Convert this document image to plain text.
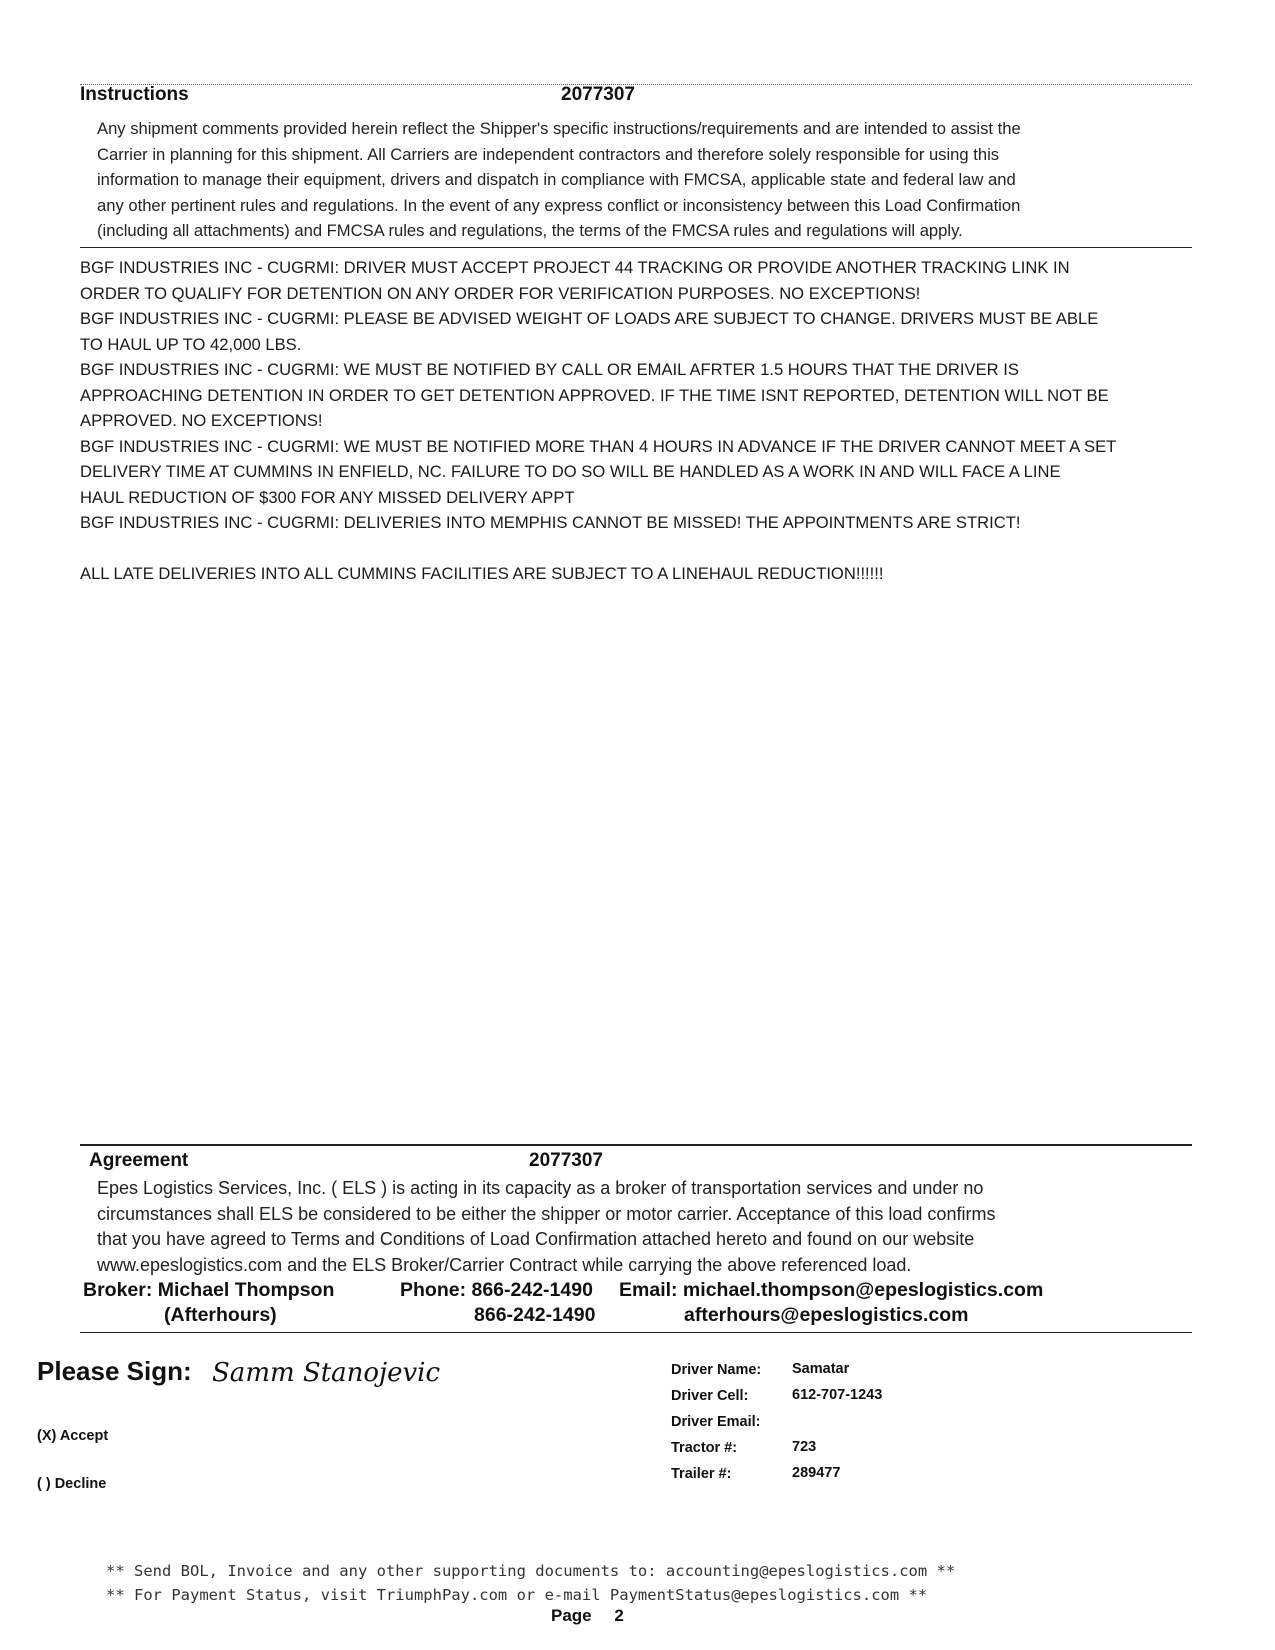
Instructions	2077307

Any shipment comments provided herein reflect the Shipper's specific instructions/requirements and are intended to assist the

Carrier in planning for this shipment. All Carriers are independent contractors and therefore solely responsible for using this

information to manage their equipment, drivers and dispatch in compliance with FMCSA, applicable state and federal law and

any other pertinent rules and regulations. In the event of any express conflict or inconsistency between this Load Confirmation

(including all attachments) and FMCSA rules and regulations, the terms of the FMCSA rules and regulations will apply.

BGF INDUSTRIES INC - CUGRMI: DRIVER MUST ACCEPT PROJECT 44 TRACKING OR PROVIDE ANOTHER TRACKING LINK IN

ORDER TO QUALIFY FOR DETENTION ON ANY ORDER FOR VERIFICATION PURPOSES. NO EXCEPTIONS!

BGF INDUSTRIES INC - CUGRMI: PLEASE BE ADVISED WEIGHT OF LOADS ARE SUBJECT TO CHANGE. DRIVERS MUST BE ABLE

TO HAUL UP TO 42,000 LBS.

BGF INDUSTRIES INC - CUGRMI: WE MUST BE NOTIFIED BY CALL OR EMAIL AFRTER 1.5 HOURS THAT THE DRIVER IS

APPROACHING DETENTION IN ORDER TO GET DETENTION APPROVED. IF THE TIME ISNT REPORTED, DETENTION WILL NOT BE

APPROVED. NO EXCEPTIONS!

BGF INDUSTRIES INC - CUGRMI: WE MUST BE NOTIFIED MORE THAN 4 HOURS IN ADVANCE IF THE DRIVER CANNOT MEET A SET

DELIVERY TIME AT CUMMINS IN ENFIELD, NC. FAILURE TO DO SO WILL BE HANDLED AS A WORK IN AND WILL FACE A LINE

HAUL REDUCTION OF $300 FOR ANY MISSED DELIVERY APPT

BGF INDUSTRIES INC - CUGRMI: DELIVERIES INTO MEMPHIS CANNOT BE MISSED! THE APPOINTMENTS ARE STRICT!

ALL LATE DELIVERIES INTO ALL CUMMINS FACILITIES ARE SUBJECT TO A LINEHAUL REDUCTION!!!!!!

Agreement	2077307

Epes Logistics Services, Inc. ( ELS ) is acting in its capacity as a broker of transportation services and under no

circumstances shall ELS be considered to be either the shipper or motor carrier. Acceptance of this load confirms

that you have agreed to Terms and Conditions of Load Confirmation attached hereto and found on our website

www.epeslogistics.com and the ELS Broker/Carrier Contract while carrying the above referenced load.

Broker: Michael Thompson	Phone: 866-242-1490 Email: michael.thompson@epeslogistics.com
(Afterhours)	866-242-1490	afterhours@epeslogistics.com
Please Sign: Samm Stanojevic
(X) Accept
( ) Decline
Driver Name: Samatar
Driver Cell:	612-707-1243
Driver Email:
Tractor #:	723
Trailer #:	289477
** Send BOL, Invoice and any other supporting documents to: accounting@epeslogistics.com **
** For Payment Status, visit TriumphPay.com or e-mail PaymentStatus@epeslogistics.com **
Page 2
